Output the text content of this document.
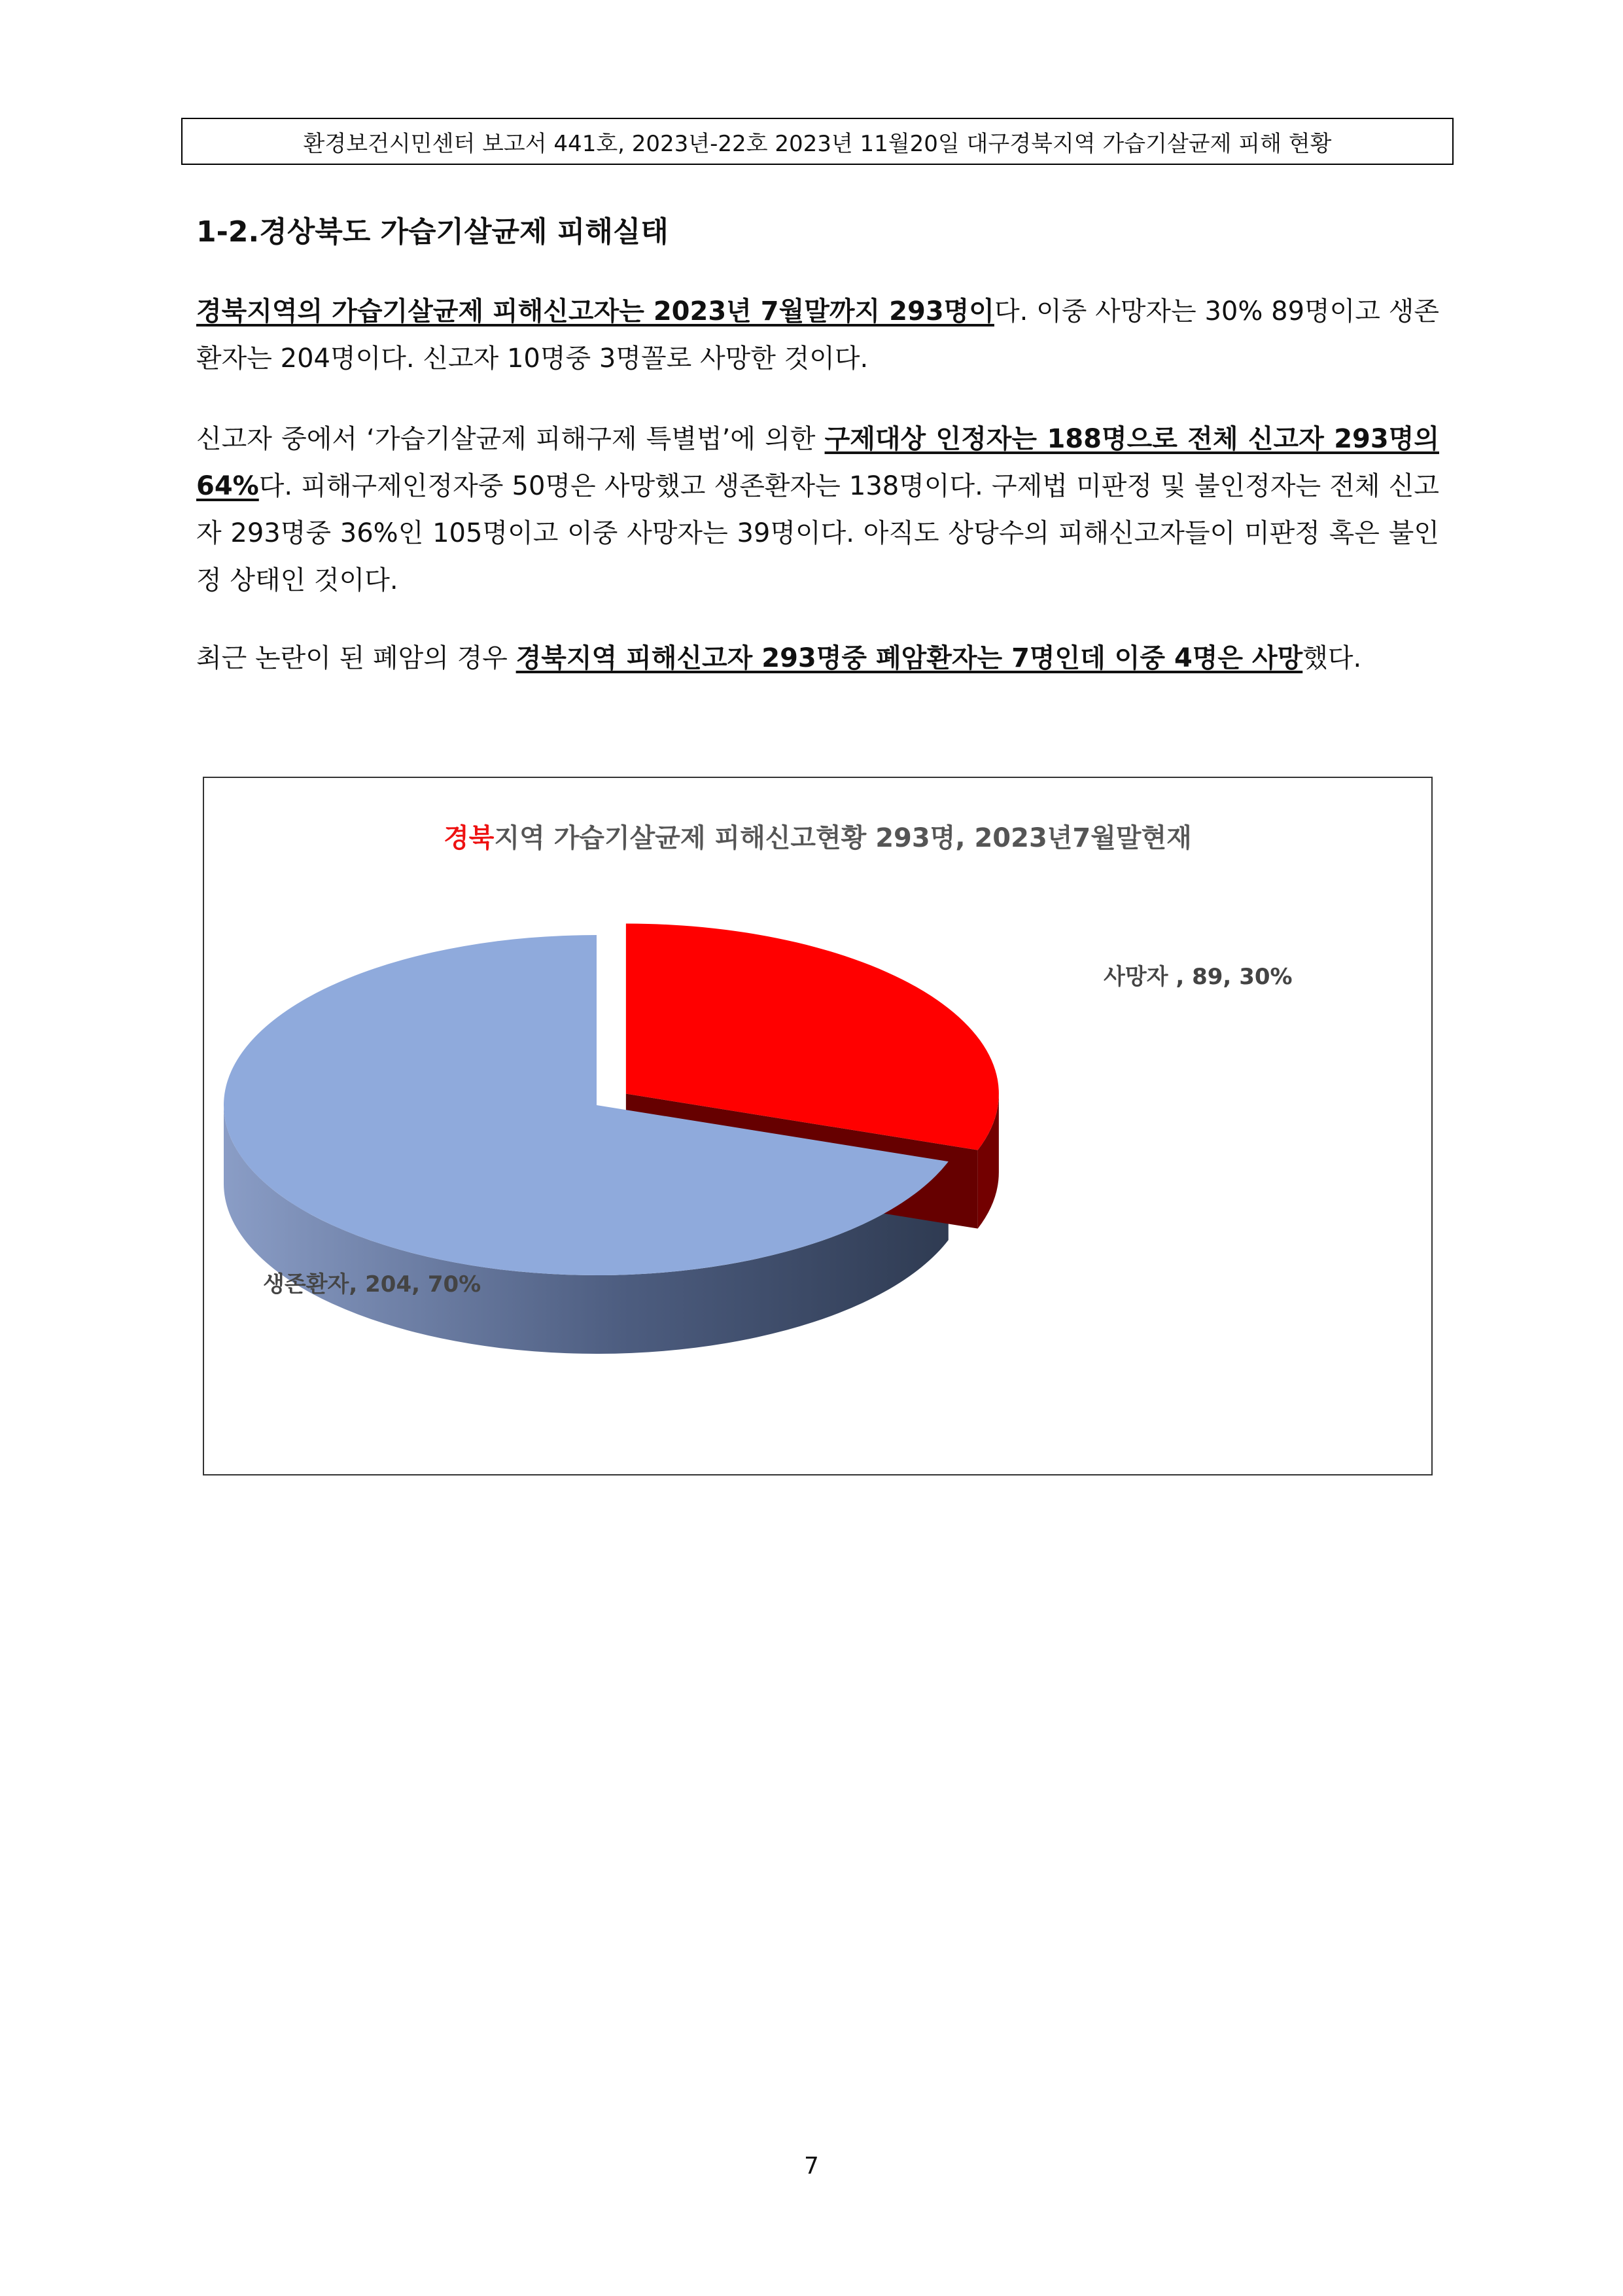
환경보건시민센터 보고서 441호, 2023년-22호 2023년 11월20일 대구경북지역 가습기살균제 피해 현황
1-2.경상북도 가습기살균제 피해실태
경북지역의 가습기살균제 피해신고자는 2023년 7월말까지 293명이다. 이중 사망자는 30% 89명이고 생존환자는 204명이다. 신고자 10명중 3명꼴로 사망한 것이다.
신고자 중에서 ‘가습기살균제 피해구제 특별법’에 의한 구제대상 인정자는 188명으로 전체 신고자 293명의 64%다. 피해구제인정자중 50명은 사망했고 생존환자는 138명이다. 구제법 미판정 및 불인정자는 전체 신고자 293명중 36%인 105명이고 이중 사망자는 39명이다. 아직도 상당수의 피해신고자들이 미판정 혹은 불인정 상태인 것이다.
최근 논란이 된 폐암의 경우 경북지역 피해신고자 293명중 폐암환자는 7명인데 이중 4명은 사망했다.
경북지역 가습기살균제 피해신고현황 293명, 2023년7월말현재
사망자 , 89, 30%
생존환자, 204, 70%
7
